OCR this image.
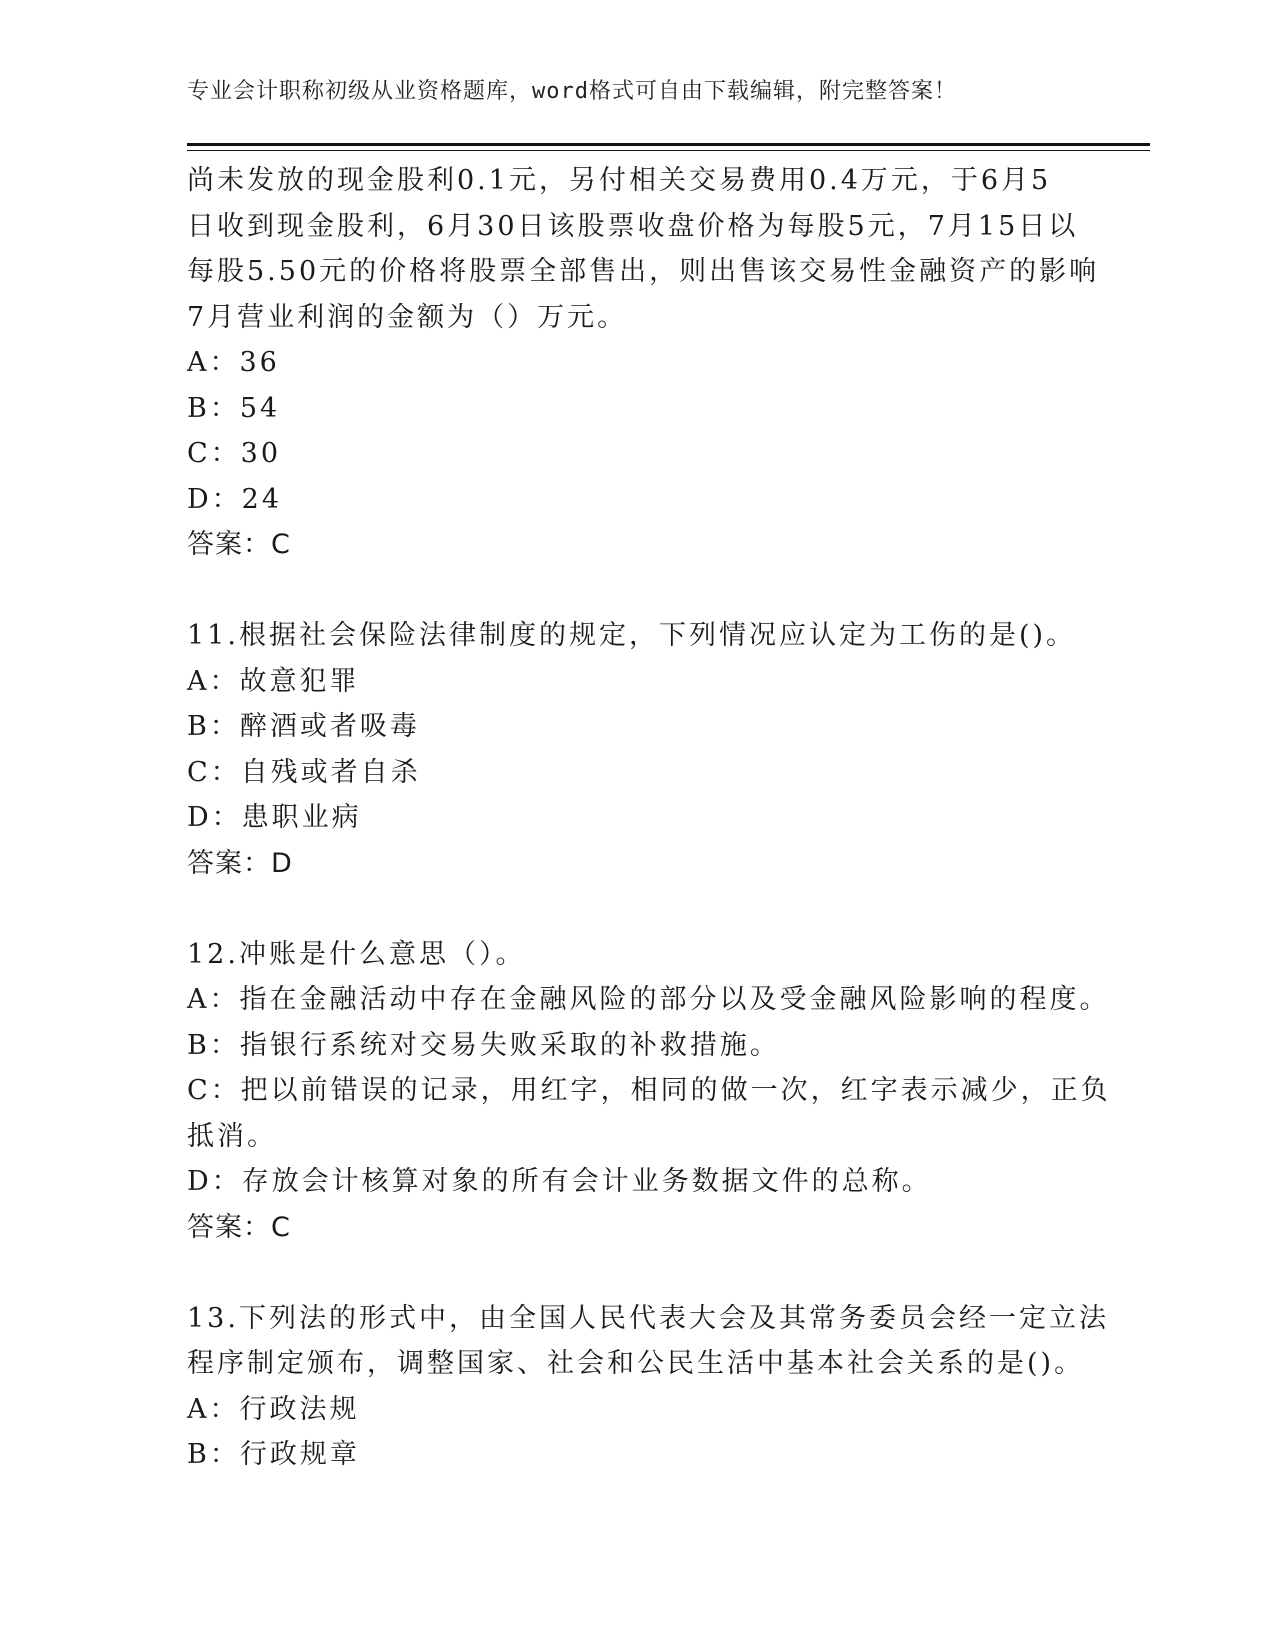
专业会计职称初级从业资格题库，word格式可自由下载编辑，附完整答案！
尚未发放的现金股利0.1元，另付相关交易费用0.4万元，于6月5
日收到现金股利，6月30日该股票收盘价格为每股5元，7月15日以
每股5.50元的价格将股票全部售出，则出售该交易性金融资产的影响
7月营业利润的金额为（）万元。
A：36
B：54
C：30
D：24
答案：C
11.根据社会保险法律制度的规定，下列情况应认定为工伤的是()。
A：故意犯罪
B：醉酒或者吸毒
C：自残或者自杀
D：患职业病
答案：D
12.冲账是什么意思（）。
A：指在金融活动中存在金融风险的部分以及受金融风险影响的程度。
B：指银行系统对交易失败采取的补救措施。
C：把以前错误的记录，用红字，相同的做一次，红字表示减少，正负
抵消。
D：存放会计核算对象的所有会计业务数据文件的总称。
答案：C
13.下列法的形式中，由全国人民代表大会及其常务委员会经一定立法
程序制定颁布，调整国家、社会和公民生活中基本社会关系的是()。
A：行政法规
B：行政规章
